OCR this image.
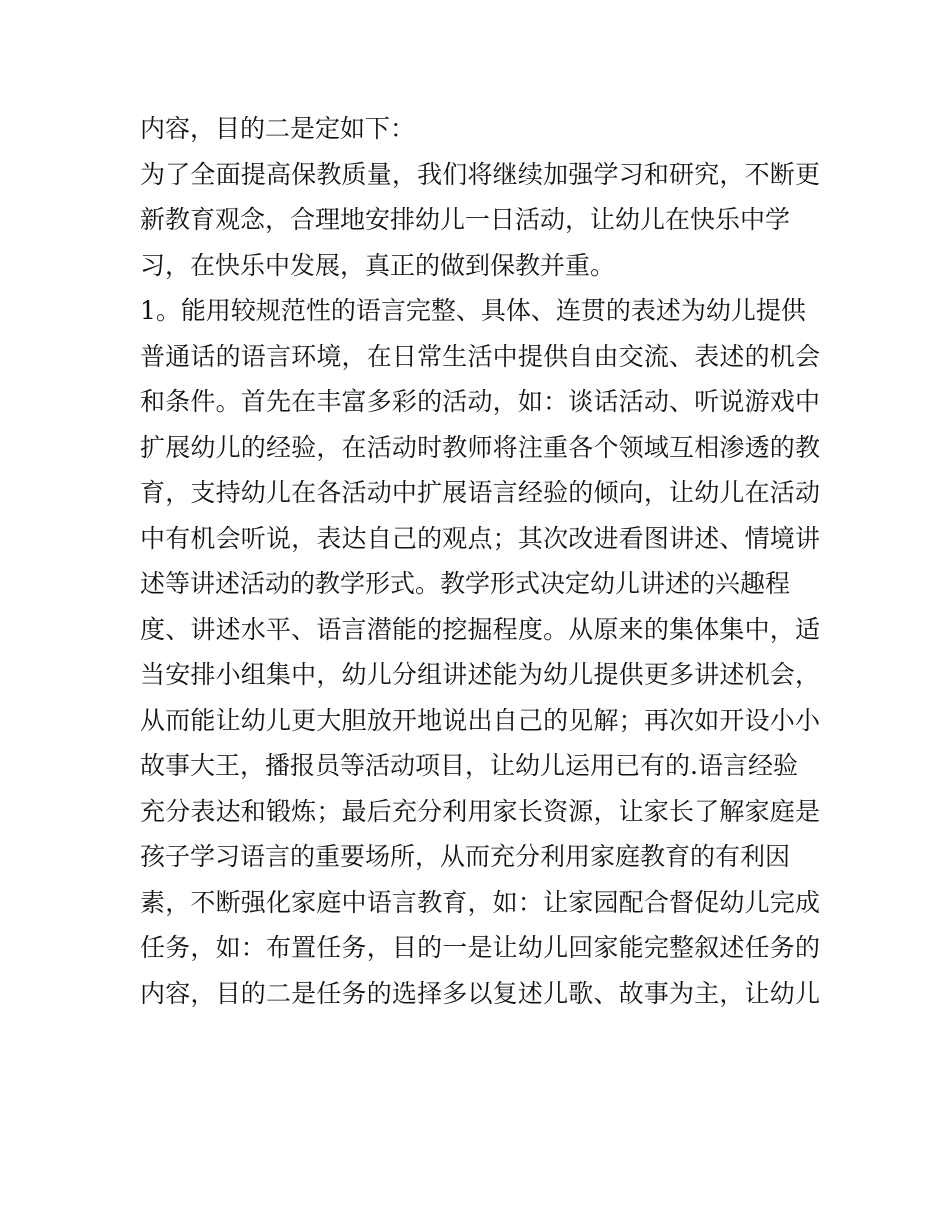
内容，目的二是定如下：
为了全面提高保教质量，我们将继续加强学习和研究，不断更
新教育观念，合理地安排幼儿一日活动，让幼儿在快乐中学
习，在快乐中发展，真正的做到保教并重。
1。能用较规范性的语言完整、具体、连贯的表述为幼儿提供
普通话的语言环境，在日常生活中提供自由交流、表述的机会
和条件。首先在丰富多彩的活动，如：谈话活动、听说游戏中
扩展幼儿的经验，在活动时教师将注重各个领域互相渗透的教
育，支持幼儿在各活动中扩展语言经验的倾向，让幼儿在活动
中有机会听说，表达自己的观点；其次改进看图讲述、情境讲
述等讲述活动的教学形式。教学形式决定幼儿讲述的兴趣程
度、讲述水平、语言潜能的挖掘程度。从原来的集体集中，适
当安排小组集中，幼儿分组讲述能为幼儿提供更多讲述机会，
从而能让幼儿更大胆放开地说出自己的见解；再次如开设小小
故事大王，播报员等活动项目，让幼儿运用已有的.语言经验
充分表达和锻炼；最后充分利用家长资源，让家长了解家庭是
孩子学习语言的重要场所，从而充分利用家庭教育的有利因
素，不断强化家庭中语言教育，如：让家园配合督促幼儿完成
任务，如：布置任务，目的一是让幼儿回家能完整叙述任务的
内容，目的二是任务的选择多以复述儿歌、故事为主，让幼儿
